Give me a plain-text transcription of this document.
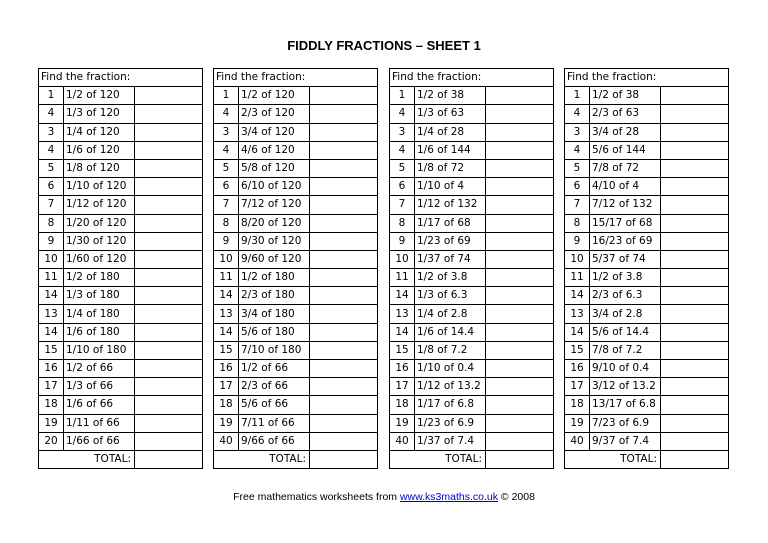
FIDDLY FRACTIONS – SHEET 1
Find the fraction:		
1	1/2 of 120	
4	1/3 of 120	
3	1/4 of 120	
4	1/6 of 120	
5	1/8 of 120	
6	1/10 of 120	
7	1/12 of 120	
8	1/20 of 120	
9	1/30 of 120	
10	1/60 of 120	
11	1/2 of 180	
14	1/3 of 180	
13	1/4 of 180	
14	1/6 of 180	
15	1/10 of 180	
16	1/2 of 66	
17	1/3 of 66	
18	1/6 of 66	
19	1/11 of 66	
20	1/66 of 66	
TOTAL:		
Find the fraction:		
1	1/2 of 120	
4	2/3 of 120	
3	3/4 of 120	
4	4/6 of 120	
5	5/8 of 120	
6	6/10 of 120	
7	7/12 of 120	
8	8/20 of 120	
9	9/30 of 120	
10	9/60 of 120	
11	1/2 of 180	
14	2/3 of 180	
13	3/4 of 180	
14	5/6 of 180	
15	7/10 of 180	
16	1/2 of 66	
17	2/3 of 66	
18	5/6 of 66	
19	7/11 of 66	
40	9/66 of 66	
TOTAL:		
Find the fraction:		
1	1/2 of 38	
4	1/3 of 63	
3	1/4 of 28	
4	1/6 of 144	
5	1/8 of 72	
6	1/10 of 4	
7	1/12 of 132	
8	1/17 of 68	
9	1/23 of 69	
10	1/37 of 74	
11	1/2 of 3.8	
14	1/3 of 6.3	
13	1/4 of 2.8	
14	1/6 of 14.4	
15	1/8 of 7.2	
16	1/10 of 0.4	
17	1/12 of 13.2	
18	1/17 of 6.8	
19	1/23 of 6.9	
40	1/37 of 7.4	
TOTAL:		
Find the fraction:		
1	1/2 of 38	
4	2/3 of 63	
3	3/4 of 28	
4	5/6 of 144	
5	7/8 of 72	
6	4/10 of 4	
7	7/12 of 132	
8	15/17 of 68	
9	16/23 of 69	
10	5/37 of 74	
11	1/2 of 3.8	
14	2/3 of 6.3	
13	3/4 of 2.8	
14	5/6 of 14.4	
15	7/8 of 7.2	
16	9/10 of 0.4	
17	3/12 of 13.2	
18	13/17 of 6.8	
19	7/23 of 6.9	
40	9/37 of 7.4	
TOTAL:		
Free mathematics worksheets from www.ks3maths.co.uk © 2008
